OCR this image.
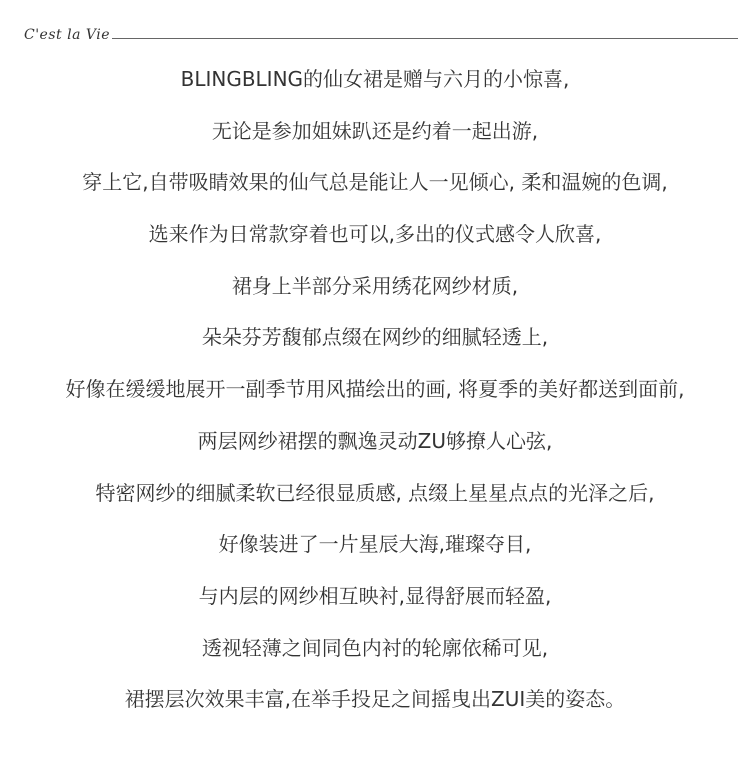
C'est la Vie
BLINGBLING的仙女裙是赠与六月的小惊喜,
无论是参加姐妹趴还是约着一起出游,
穿上它,自带吸睛效果的仙气总是能让人一见倾心, 柔和温婉的色调,
选来作为日常款穿着也可以,多出的仪式感令人欣喜,
裙身上半部分采用绣花网纱材质,
朵朵芬芳馥郁点缀在网纱的细腻轻透上,
好像在缓缓地展开一副季节用风描绘出的画, 将夏季的美好都送到面前,
两层网纱裙摆的飘逸灵动ZU够撩人心弦,
特密网纱的细腻柔软已经很显质感, 点缀上星星点点的光泽之后,
好像装进了一片星辰大海,璀璨夺目,
与内层的网纱相互映衬,显得舒展而轻盈,
透视轻薄之间同色内衬的轮廓依稀可见,
裙摆层次效果丰富,在举手投足之间摇曳出ZUI美的姿态。
